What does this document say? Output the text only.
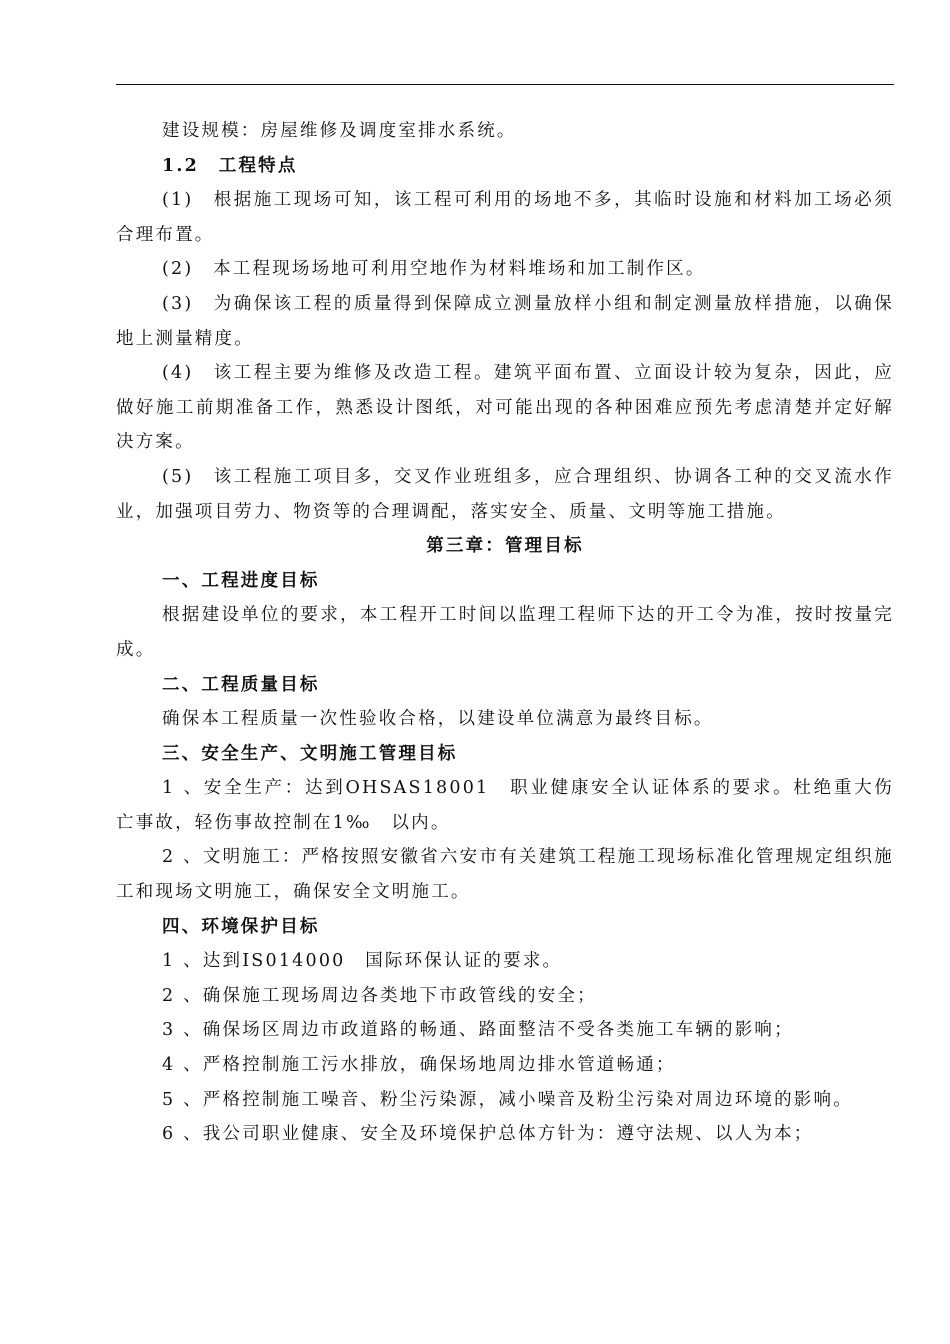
建设规模：房屋维修及调度室排水系统。

1.2　工程特点

(1)　根据施工现场可知，该工程可利用的场地不多，其临时设施和材料加工场必须合理布置。

(2)　本工程现场场地可利用空地作为材料堆场和加工制作区。

(3)　为确保该工程的质量得到保障成立测量放样小组和制定测量放样措施，以确保地上测量精度。

(4)　该工程主要为维修及改造工程。建筑平面布置、立面设计较为复杂，因此，应做好施工前期准备工作，熟悉设计图纸，对可能出现的各种困难应预先考虑清楚并定好解决方案。

(5)　该工程施工项目多，交叉作业班组多，应合理组织、协调各工种的交叉流水作业，加强项目劳力、物资等的合理调配，落实安全、质量、文明等施工措施。

第三章：管理目标

一、工程进度目标

根据建设单位的要求，本工程开工时间以监理工程师下达的开工令为准，按时按量完成。

二、工程质量目标

确保本工程质量一次性验收合格，以建设单位满意为最终目标。

三、安全生产、文明施工管理目标

1 、安全生产：达到OHSAS18001　职业健康安全认证体系的要求。杜绝重大伤亡事故，轻伤事故控制在1‰　以内。

2 、文明施工：严格按照安徽省六安市有关建筑工程施工现场标准化管理规定组织施工和现场文明施工，确保安全文明施工。

四、环境保护目标

1 、达到IS014000　国际环保认证的要求。

2 、确保施工现场周边各类地下市政管线的安全；

3 、确保场区周边市政道路的畅通、路面整洁不受各类施工车辆的影响；

4 、严格控制施工污水排放，确保场地周边排水管道畅通；

5 、严格控制施工噪音、粉尘污染源，减小噪音及粉尘污染对周边环境的影响。

6 、我公司职业健康、安全及环境保护总体方针为：遵守法规、以人为本；
